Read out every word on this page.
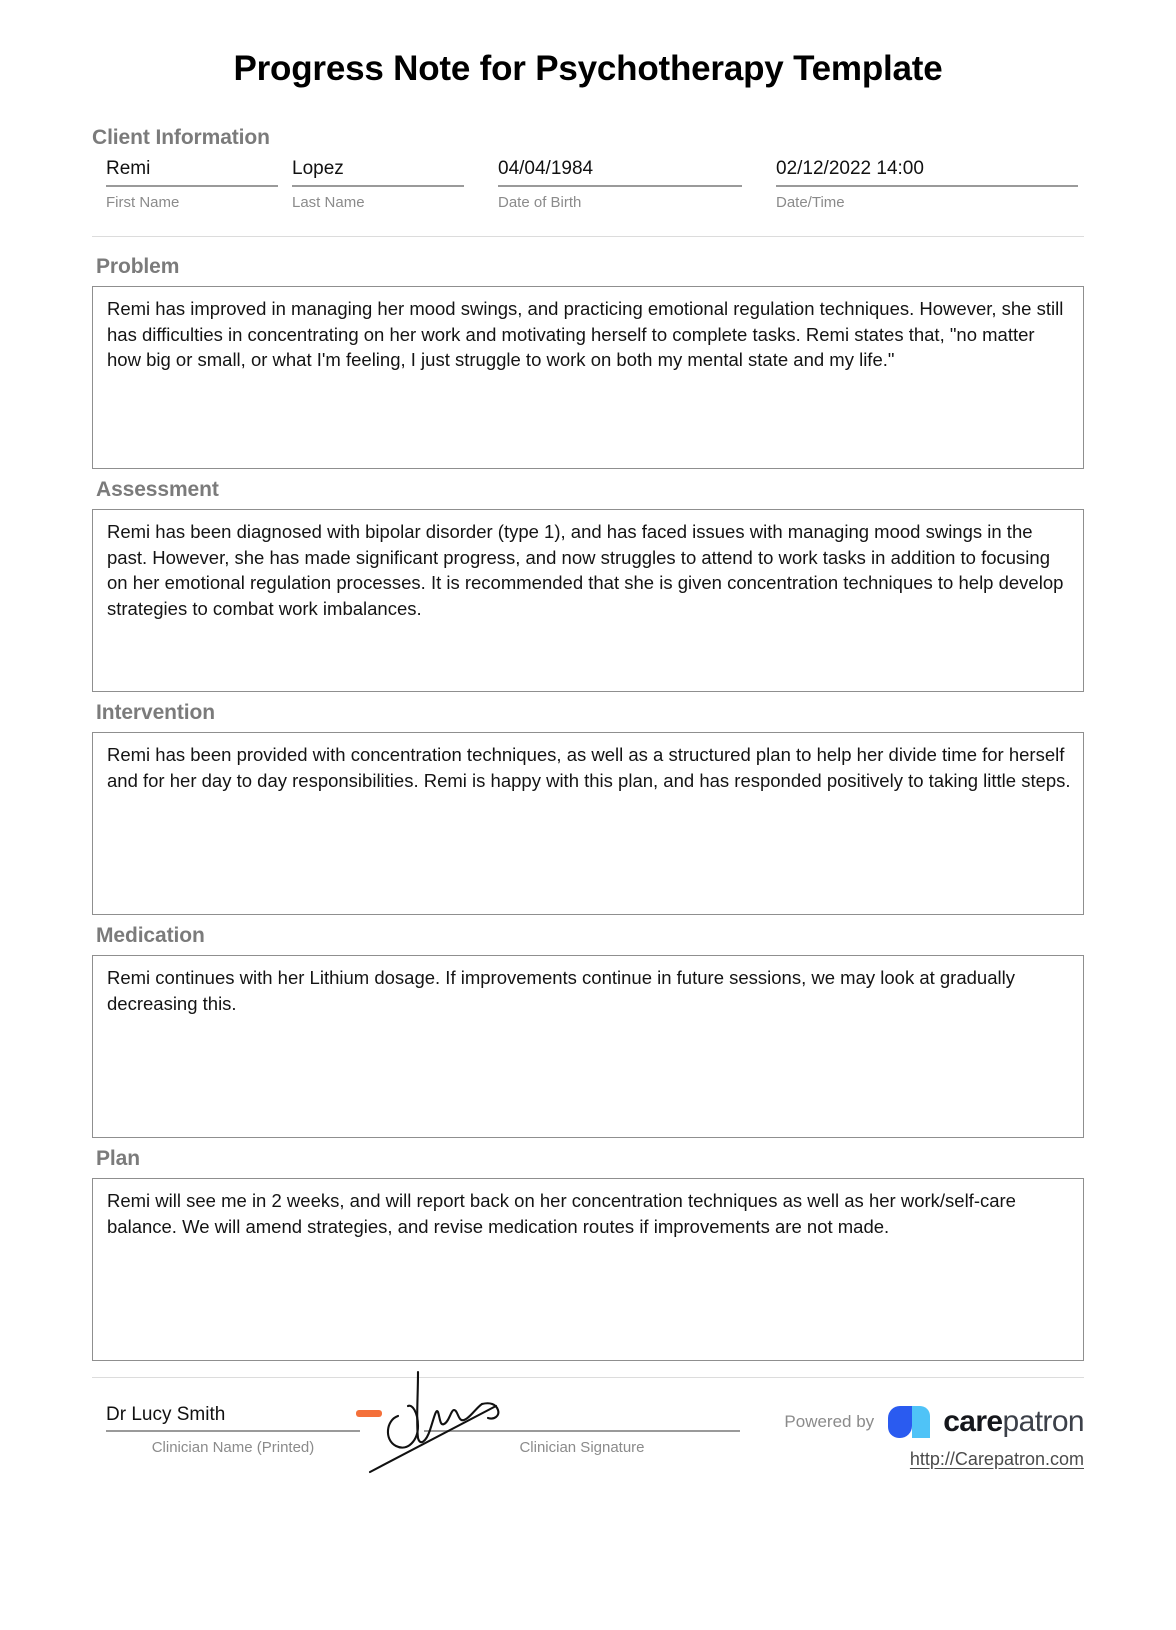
Progress Note for Psychotherapy Template
Client Information
Remi
First Name
Lopez
Last Name
04/04/1984
Date of Birth
02/12/2022 14:00
Date/Time
Problem

Remi has improved in managing her mood swings, and practicing emotional regulation techniques. However, she still has difficulties in concentrating on her work and motivating herself to complete tasks. Remi states that, "no matter how big or small, or what I'm feeling, I just struggle to work on both my mental state and my life."

Assessment

Remi has been diagnosed with bipolar disorder (type 1), and has faced issues with managing mood swings in the past. However, she has made significant progress, and now struggles to attend to work tasks in addition to focusing on her emotional regulation processes. It is recommended that she is given concentration techniques to help develop strategies to combat work imbalances.

Intervention

Remi has been provided with concentration techniques, as well as a structured plan to help her divide time for herself and for her day to day responsibilities. Remi is happy with this plan, and has responded positively to taking little steps.

Medication

Remi continues with her Lithium dosage. If improvements continue in future sessions, we may look at gradually decreasing this.

Plan

Remi will see me in 2 weeks, and will report back on her concentration techniques as well as her work/self-care balance. We will amend strategies, and revise medication routes if improvements are not made.

Dr Lucy Smith
Clinician Name (Printed)	Clinician Signature
Powered by carepatron
http://Carepatron.com
